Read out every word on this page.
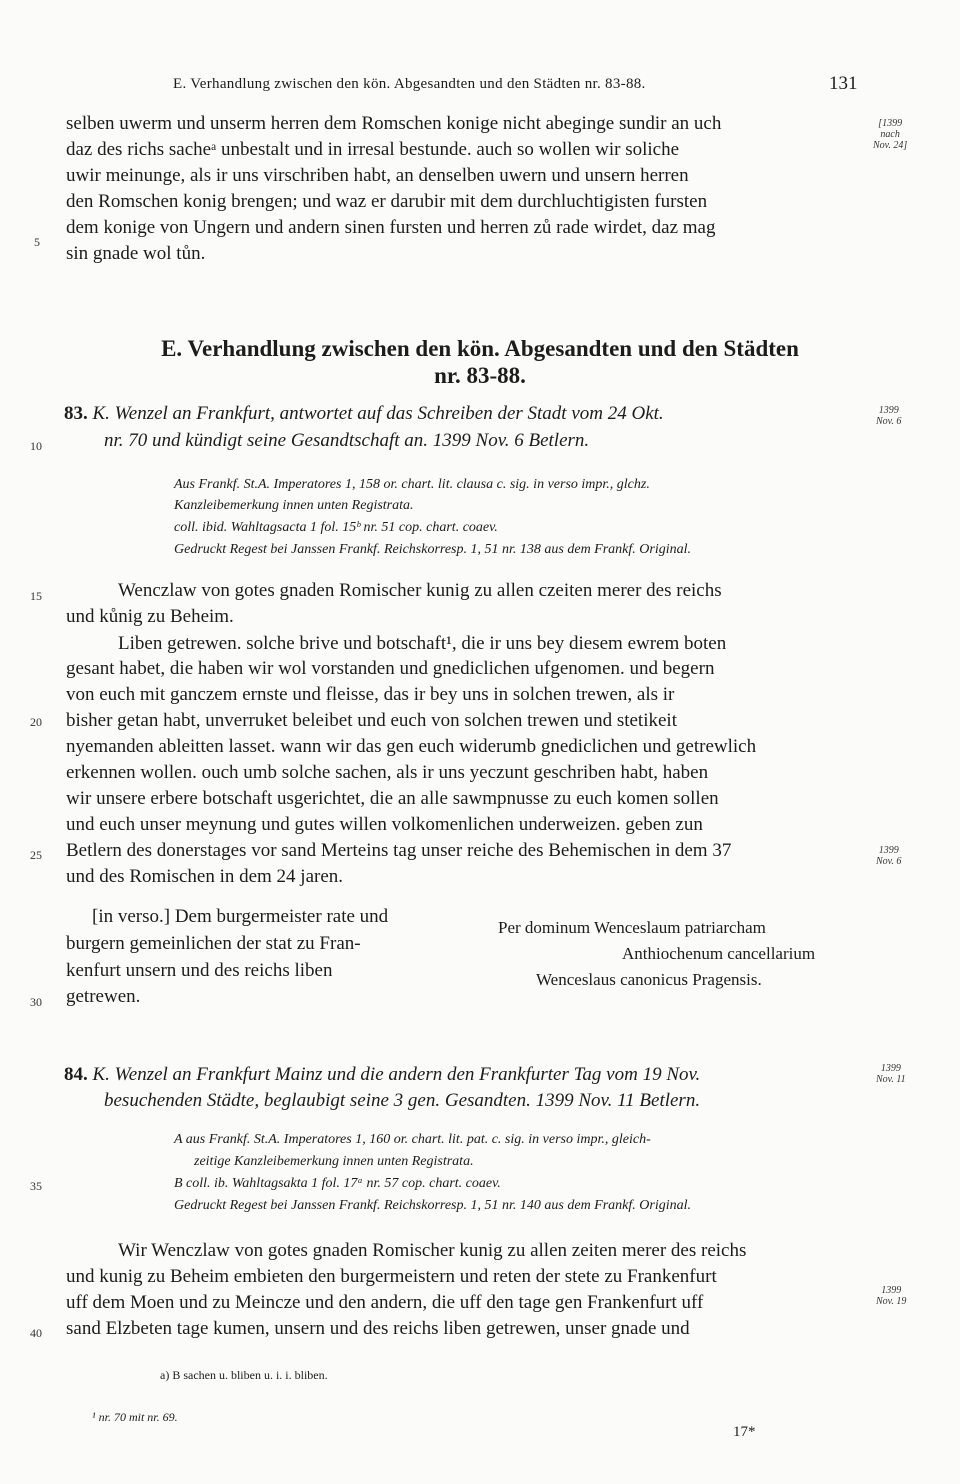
E. Verhandlung zwischen den kön. Abgesandten und den Städten nr. 83-88.	131
[1399
nach
Nov. 24]
1399
Nov. 6
1399
Nov. 6
1399
Nov. 11
1399
Nov. 19
5
10
15
20
25
30
35
40
selben uwerm und unserm herren dem Romschen konige nicht abeginge sundir an uch
daz des richs sacheᵃ unbestalt und in irresal bestunde. auch so wollen wir soliche
uwir meinunge, als ir uns virschriben habt, an denselben uwern und unsern herren
den Romschen konig brengen; und waz er darubir mit dem durchluchtigisten fursten
dem konige von Ungern und andern sinen fursten und herren zů rade wirdet, daz mag
sin gnade wol tůn.
E. Verhandlung zwischen den kön. Abgesandten und den Städten
nr. 83-88.
83. K. Wenzel an Frankfurt, antwortet auf das Schreiben der Stadt vom 24 Okt.
nr. 70 und kündigt seine Gesandtschaft an. 1399 Nov. 6 Betlern.
Aus Frankf. St.A. Imperatores 1, 158 or. chart. lit. clausa c. sig. in verso impr., glchz.
Kanzleibemerkung innen unten Registrata.
coll. ibid. Wahltagsacta 1 fol. 15ᵇ nr. 51 cop. chart. coaev.
Gedruckt Regest bei Janssen Frankf. Reichskorresp. 1, 51 nr. 138 aus dem Frankf. Original.
Wenczlaw von gotes gnaden Romischer kunig zu allen czeiten merer des reichs
und kůnig zu Beheim.
Liben getrewen. solche brive und botschaft¹, die ir uns bey diesem ewrem boten
gesant habet, die haben wir wol vorstanden und gnediclichen ufgenomen. und begern
von euch mit ganczem ernste und fleisse, das ir bey uns in solchen trewen, als ir
bisher getan habt, unverruket beleibet und euch von solchen trewen und stetikeit
nyemanden ableitten lasset. wann wir das gen euch widerumb gnediclichen und getrewlich
erkennen wollen. ouch umb solche sachen, als ir uns yeczunt geschriben habt, haben
wir unsere erbere botschaft usgerichtet, die an alle sawmpnusse zu euch komen sollen
und euch unser meynung und gutes willen volkomenlichen underweizen. geben zun
Betlern des donerstages vor sand Merteins tag unser reiche des Behemischen in dem 37
und des Romischen in dem 24 jaren.
[in verso.] Dem burgermeister rate und
burgern gemeinlichen der stat zu Fran-
kenfurt unsern und des reichs liben
getrewen.
Per dominum Wenceslaum patriarcham
Anthiochenum cancellarium
Wenceslaus canonicus Pragensis.
84. K. Wenzel an Frankfurt Mainz und die andern den Frankfurter Tag vom 19 Nov.
besuchenden Städte, beglaubigt seine 3 gen. Gesandten. 1399 Nov. 11 Betlern.
A aus Frankf. St.A. Imperatores 1, 160 or. chart. lit. pat. c. sig. in verso impr., gleich-
zeitige Kanzleibemerkung innen unten Registrata.
B coll. ib. Wahltagsakta 1 fol. 17ᵃ nr. 57 cop. chart. coaev.
Gedruckt Regest bei Janssen Frankf. Reichskorresp. 1, 51 nr. 140 aus dem Frankf. Original.
Wir Wenczlaw von gotes gnaden Romischer kunig zu allen zeiten merer des reichs
und kunig zu Beheim embieten den burgermeistern und reten der stete zu Frankenfurt
uff dem Moen und zu Meincze und den andern, die uff den tage gen Frankenfurt uff
sand Elzbeten tage kumen, unsern und des reichs liben getrewen, unser gnade und
a) B sachen u. bliben u. i. i. bliben.
¹ nr. 70 mit nr. 69.
17*
